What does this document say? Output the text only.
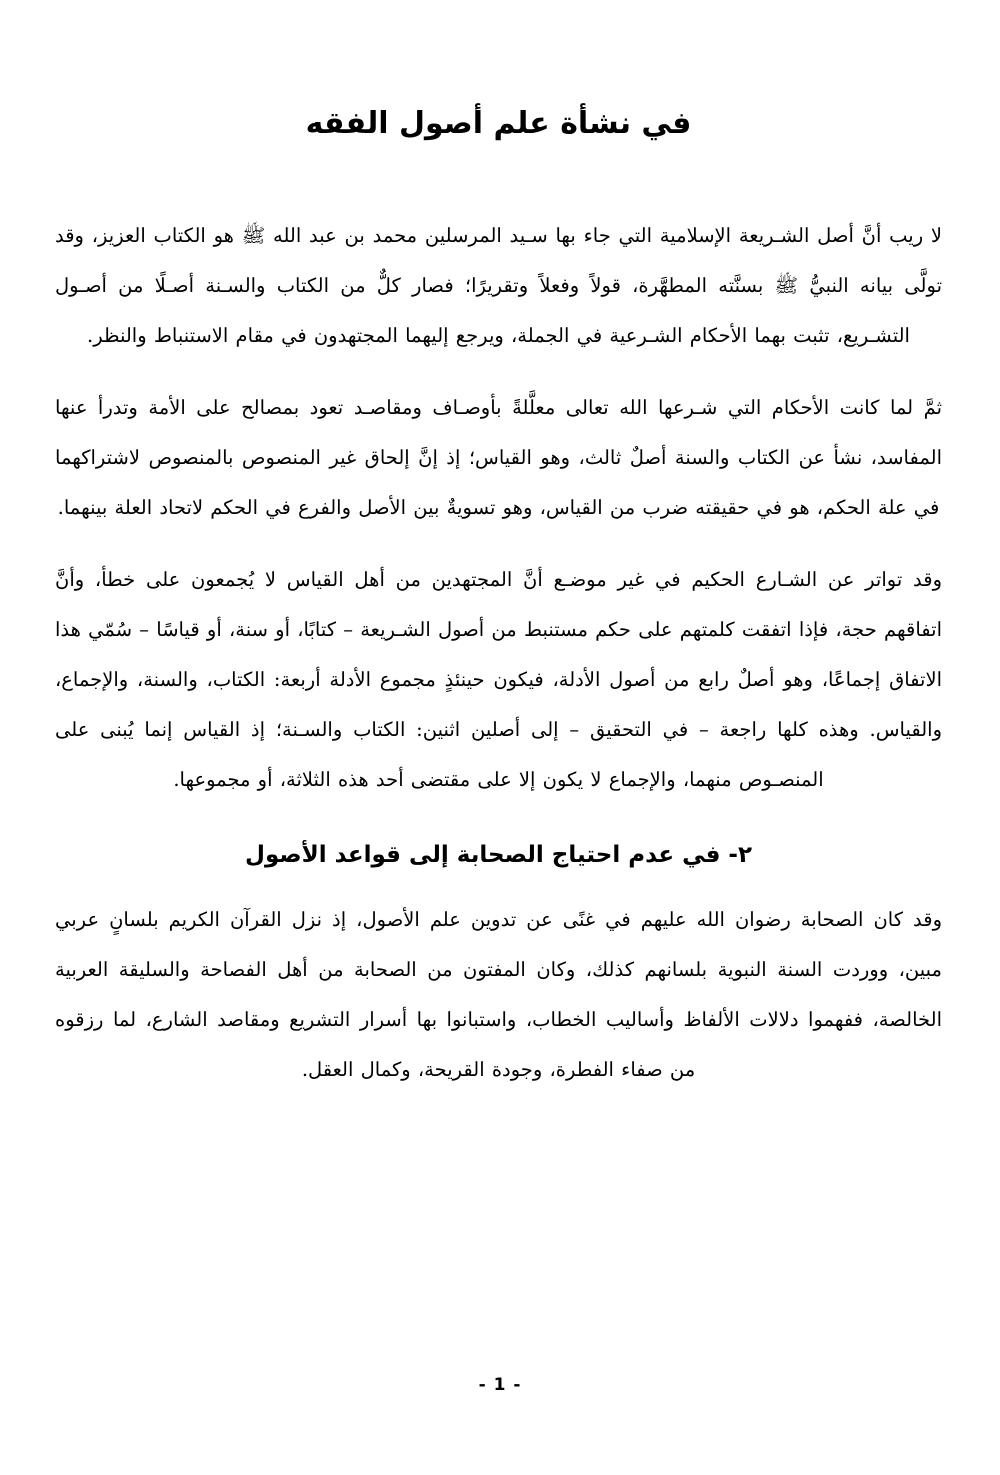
في نشأة علم أصول الفقه

لا ريب أنَّ أصل الشـريعة الإسلامية التي جاء بها سـيد المرسلين محمد بن عبد الله ﷺ هو الكتاب العزيز، وقد تولَّى بيانه النبيُّ ﷺ بسنَّته المطهَّرة، قولاً وفعلاً وتقريرًا؛ فصار كلٌّ من الكتاب والسـنة أصـلًا من أصـول التشـريع، تثبت بهما الأحكام الشـرعية في الجملة، ويرجع إليهما المجتهدون في مقام الاستنباط والنظر.

ثمَّ لما كانت الأحكام التي شـرعها الله تعالى معلَّلةً بأوصـاف ومقاصـد تعود بمصالح على الأمة وتدرأ عنها المفاسد، نشأ عن الكتاب والسنة أصلٌ ثالث، وهو القياس؛ إذ إنَّ إلحاق غير المنصوص بالمنصوص لاشتراكهما في علة الحكم، هو في حقيقته ضرب من القياس، وهو تسويةٌ بين الأصل والفرع في الحكم لاتحاد العلة بينهما.

وقد تواتر عن الشـارع الحكيم في غير موضـع أنَّ المجتهدين من أهل القياس لا يُجمعون على خطأ، وأنَّ اتفاقهم حجة، فإذا اتفقت كلمتهم على حكم مستنبط من أصول الشـريعة – كتابًا، أو سنة، أو قياسًا – سُمّي هذا الاتفاق إجماعًا، وهو أصلٌ رابع من أصول الأدلة، فيكون حينئذٍ مجموع الأدلة أربعة: الكتاب، والسنة، والإجماع، والقياس. وهذه كلها راجعة – في التحقيق – إلى أصلين اثنين: الكتاب والسـنة؛ إذ القياس إنما يُبنى على المنصـوص منهما، والإجماع لا يكون إلا على مقتضى أحد هذه الثلاثة، أو مجموعها.

٢- في عدم احتياج الصحابة إلى قواعد الأصول

وقد كان الصحابة رضوان الله عليهم في غنًى عن تدوين علم الأصول، إذ نزل القرآن الكريم بلسانٍ عربي مبين، ووردت السنة النبوية بلسانهم كذلك، وكان المفتون من الصحابة من أهل الفصاحة والسليقة العربية الخالصة، ففهموا دلالات الألفاظ وأساليب الخطاب، واستبانوا بها أسرار التشريع ومقاصد الشارع، لما رزقوه من صفاء الفطرة، وجودة القريحة، وكمال العقل.

- 1 -
